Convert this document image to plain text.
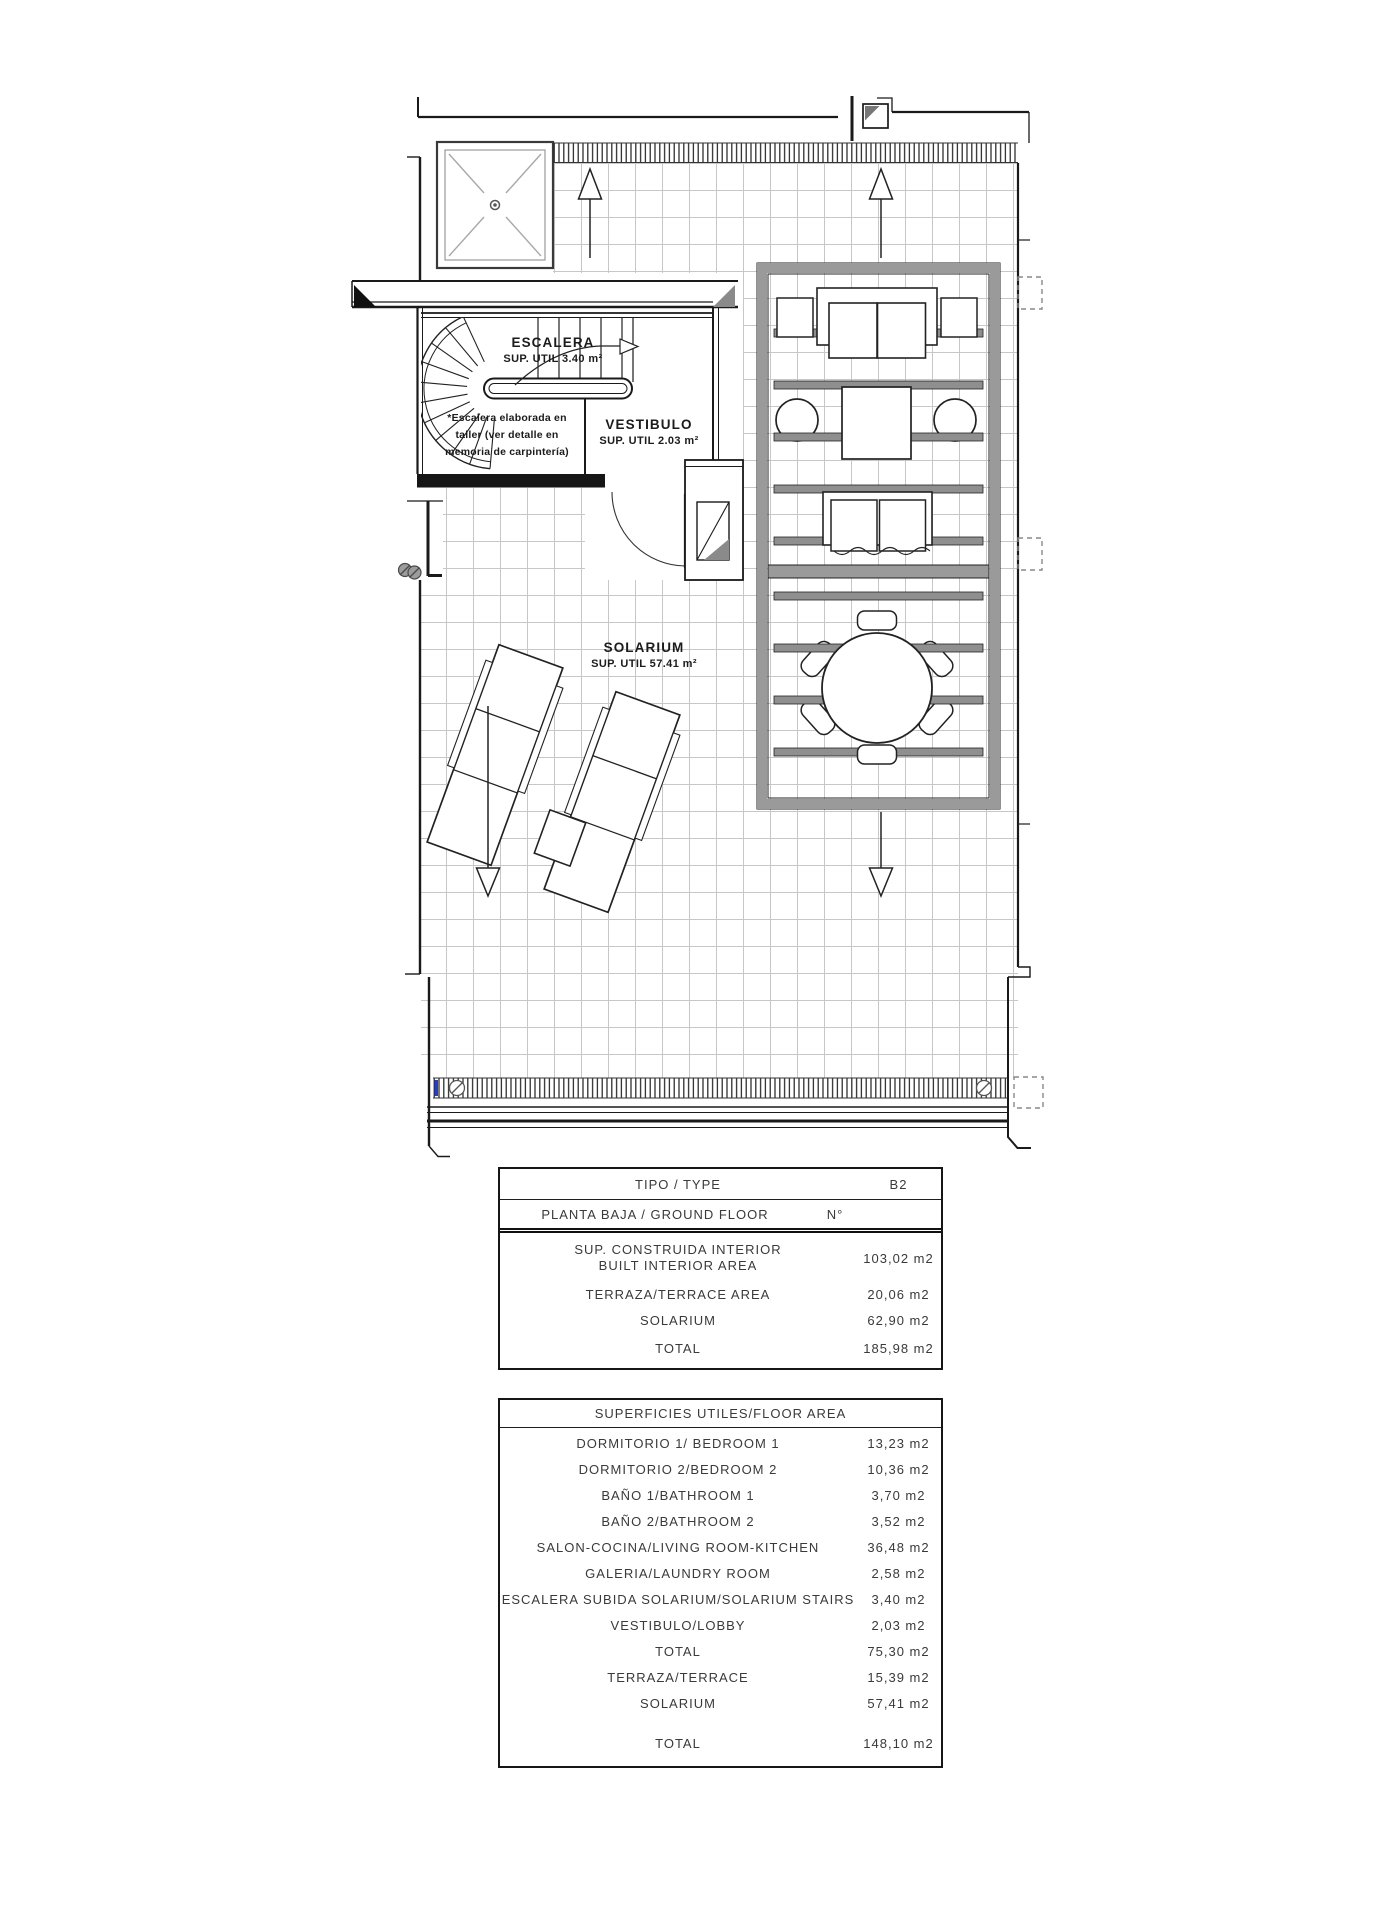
ESCALERA
SUP. UTIL 3.40 m²
*Escalera elaborada en
taller (ver detalle en
memoria de carpintería)
VESTIBULO
SUP. UTIL 2.03 m²
SOLARIUM
SUP. UTIL 57.41 m²
TIPO / TYPE	B2
PLANTA BAJA / GROUND FLOOR	N°
SUP. CONSTRUIDA INTERIOR
BUILT INTERIOR AREA	103,02 m2
TERRAZA/TERRACE AREA	20,06 m2
SOLARIUM	62,90 m2
TOTAL	185,98 m2
SUPERFICIES UTILES/FLOOR AREA
DORMITORIO 1/ BEDROOM 1	13,23 m2
DORMITORIO 2/BEDROOM 2	10,36 m2
BAÑO 1/BATHROOM 1	3,70 m2
BAÑO 2/BATHROOM 2	3,52 m2
SALON-COCINA/LIVING ROOM-KITCHEN	36,48 m2
GALERIA/LAUNDRY ROOM	2,58 m2
ESCALERA SUBIDA SOLARIUM/SOLARIUM STAIRS	3,40 m2
VESTIBULO/LOBBY	2,03 m2
TOTAL	75,30 m2
TERRAZA/TERRACE	15,39 m2
SOLARIUM	57,41 m2
TOTAL	148,10 m2
